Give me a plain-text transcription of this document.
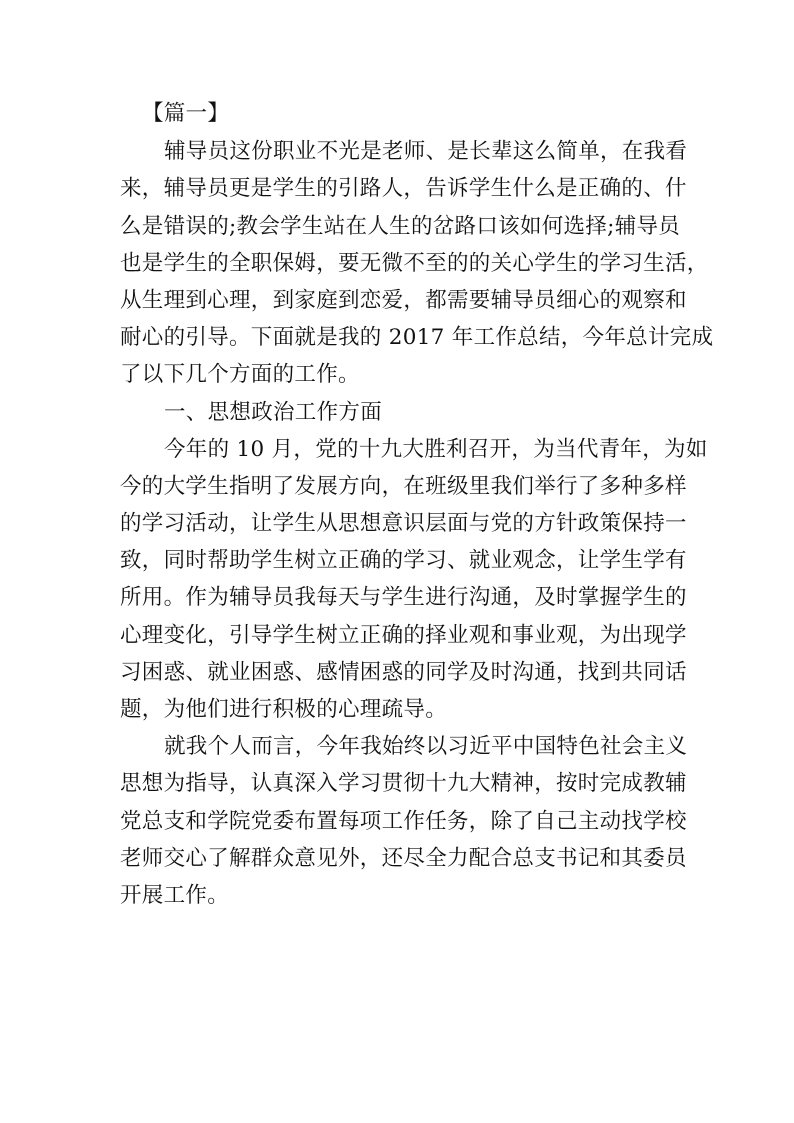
【篇一】
辅导员这份职业不光是老师、是长辈这么简单，在我看
来，辅导员更是学生的引路人，告诉学生什么是正确的、什
么是错误的;教会学生站在人生的岔路口该如何选择;辅导员
也是学生的全职保姆，要无微不至的的关心学生的学习生活，
从生理到心理，到家庭到恋爱，都需要辅导员细心的观察和
耐心的引导。下面就是我的 2017 年工作总结，今年总计完成
了以下几个方面的工作。
一、思想政治工作方面
今年的 10 月，党的十九大胜利召开，为当代青年，为如
今的大学生指明了发展方向，在班级里我们举行了多种多样
的学习活动，让学生从思想意识层面与党的方针政策保持一
致，同时帮助学生树立正确的学习、就业观念，让学生学有
所用。作为辅导员我每天与学生进行沟通，及时掌握学生的
心理变化，引导学生树立正确的择业观和事业观，为出现学
习困惑、就业困惑、感情困惑的同学及时沟通，找到共同话
题，为他们进行积极的心理疏导。
就我个人而言，今年我始终以习近平中国特色社会主义
思想为指导，认真深入学习贯彻十九大精神，按时完成教辅
党总支和学院党委布置每项工作任务，除了自己主动找学校
老师交心了解群众意见外，还尽全力配合总支书记和其委员
开展工作。
